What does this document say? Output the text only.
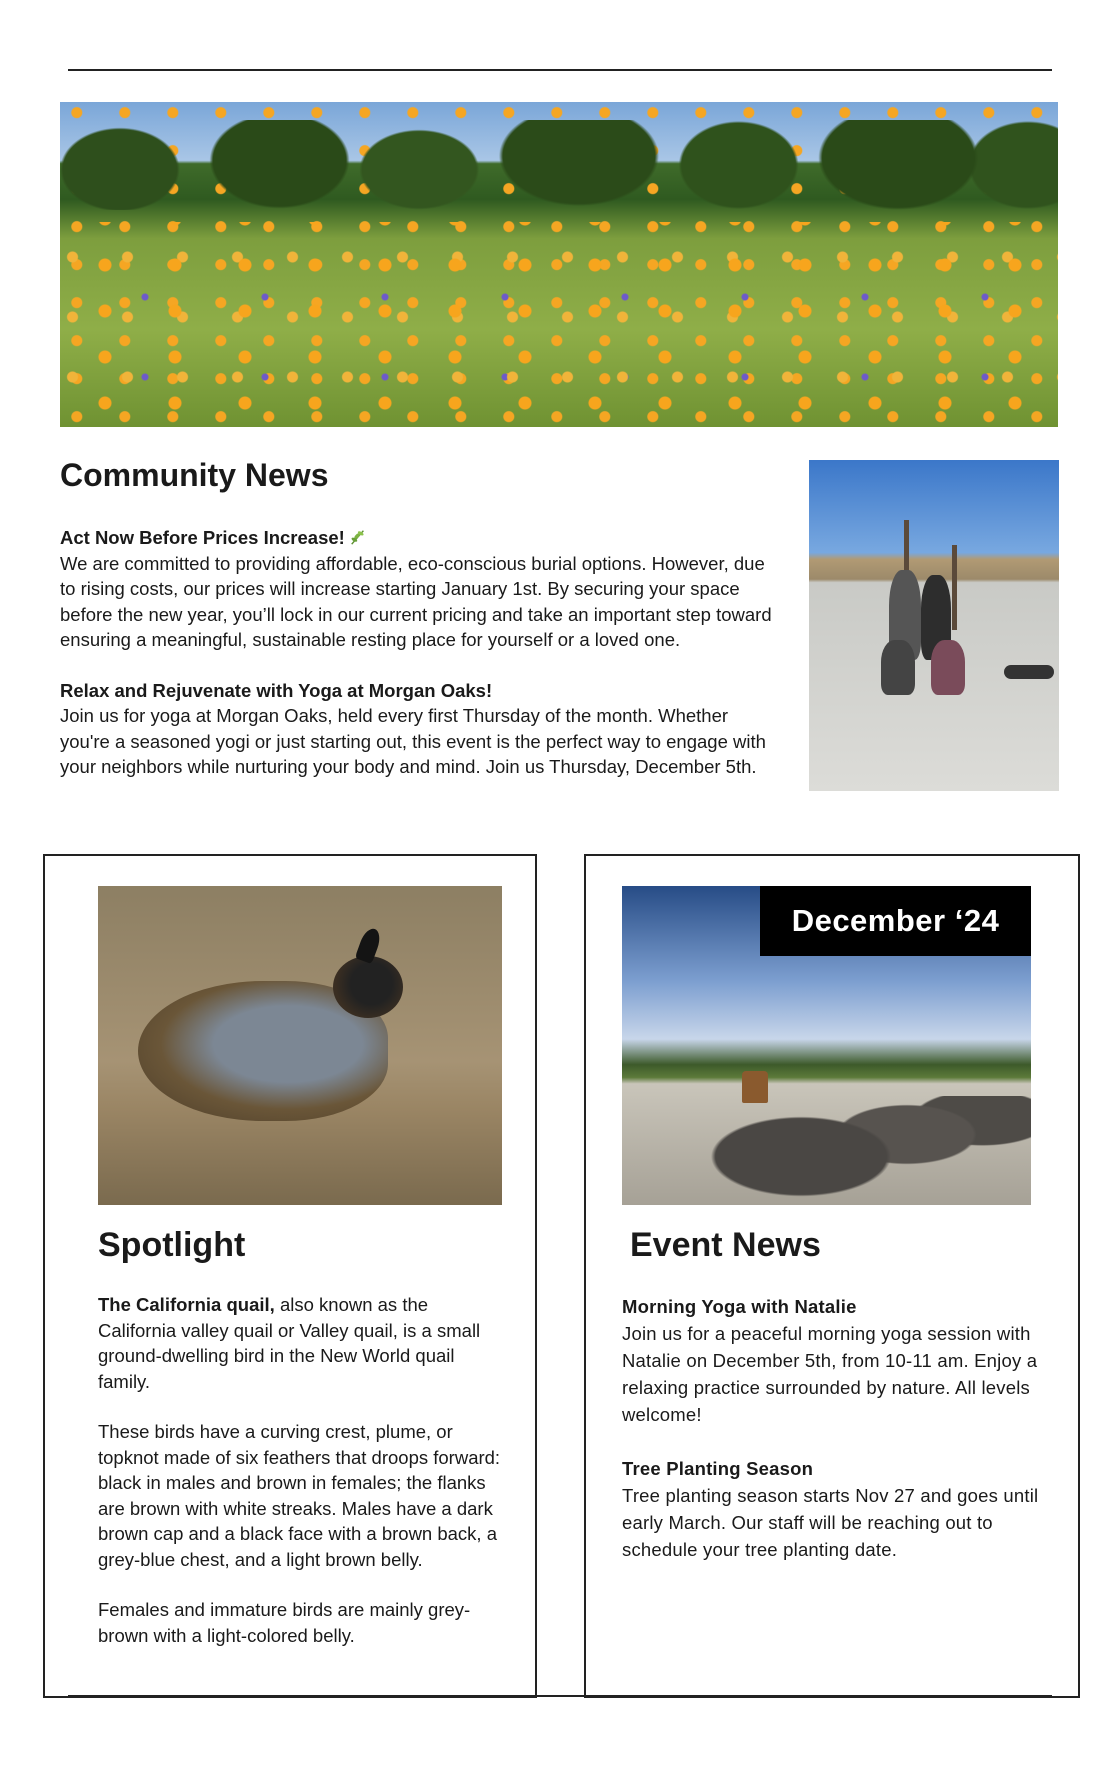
Community News
Act Now Before Prices Increase!
We are committed to providing affordable, eco-conscious burial options. However, due to rising costs, our prices will increase starting January 1st. By securing your space before the new year, you’ll lock in our current pricing and take an important step toward ensuring a meaningful, sustainable resting place for yourself or a loved one.
Relax and Rejuvenate with Yoga at Morgan Oaks!
Join us for yoga at Morgan Oaks, held every first Thursday of the month. Whether you're a seasoned yogi or just starting out, this event is the perfect way to engage with your neighbors while nurturing your body and mind. Join us Thursday, December 5th.
Spotlight

The California quail, also known as the California valley quail or Valley quail, is a small ground-dwelling bird in the New World quail family.

These birds have a curving crest, plume, or topknot made of six feathers that droops forward: black in males and brown in females; the flanks are brown with white streaks. Males have a dark brown cap and a black face with a brown back, a grey-blue chest, and a light brown belly.

Females and immature birds are mainly grey-brown with a light-colored belly.

December ‘24
Event News
Morning Yoga with Natalie
Join us for a peaceful morning yoga session with Natalie on December 5th, from 10-11 am. Enjoy a relaxing practice surrounded by nature. All levels welcome!
Tree Planting Season
Tree planting season starts Nov 27 and goes until early March. Our staff will be reaching out to schedule your tree planting date.
